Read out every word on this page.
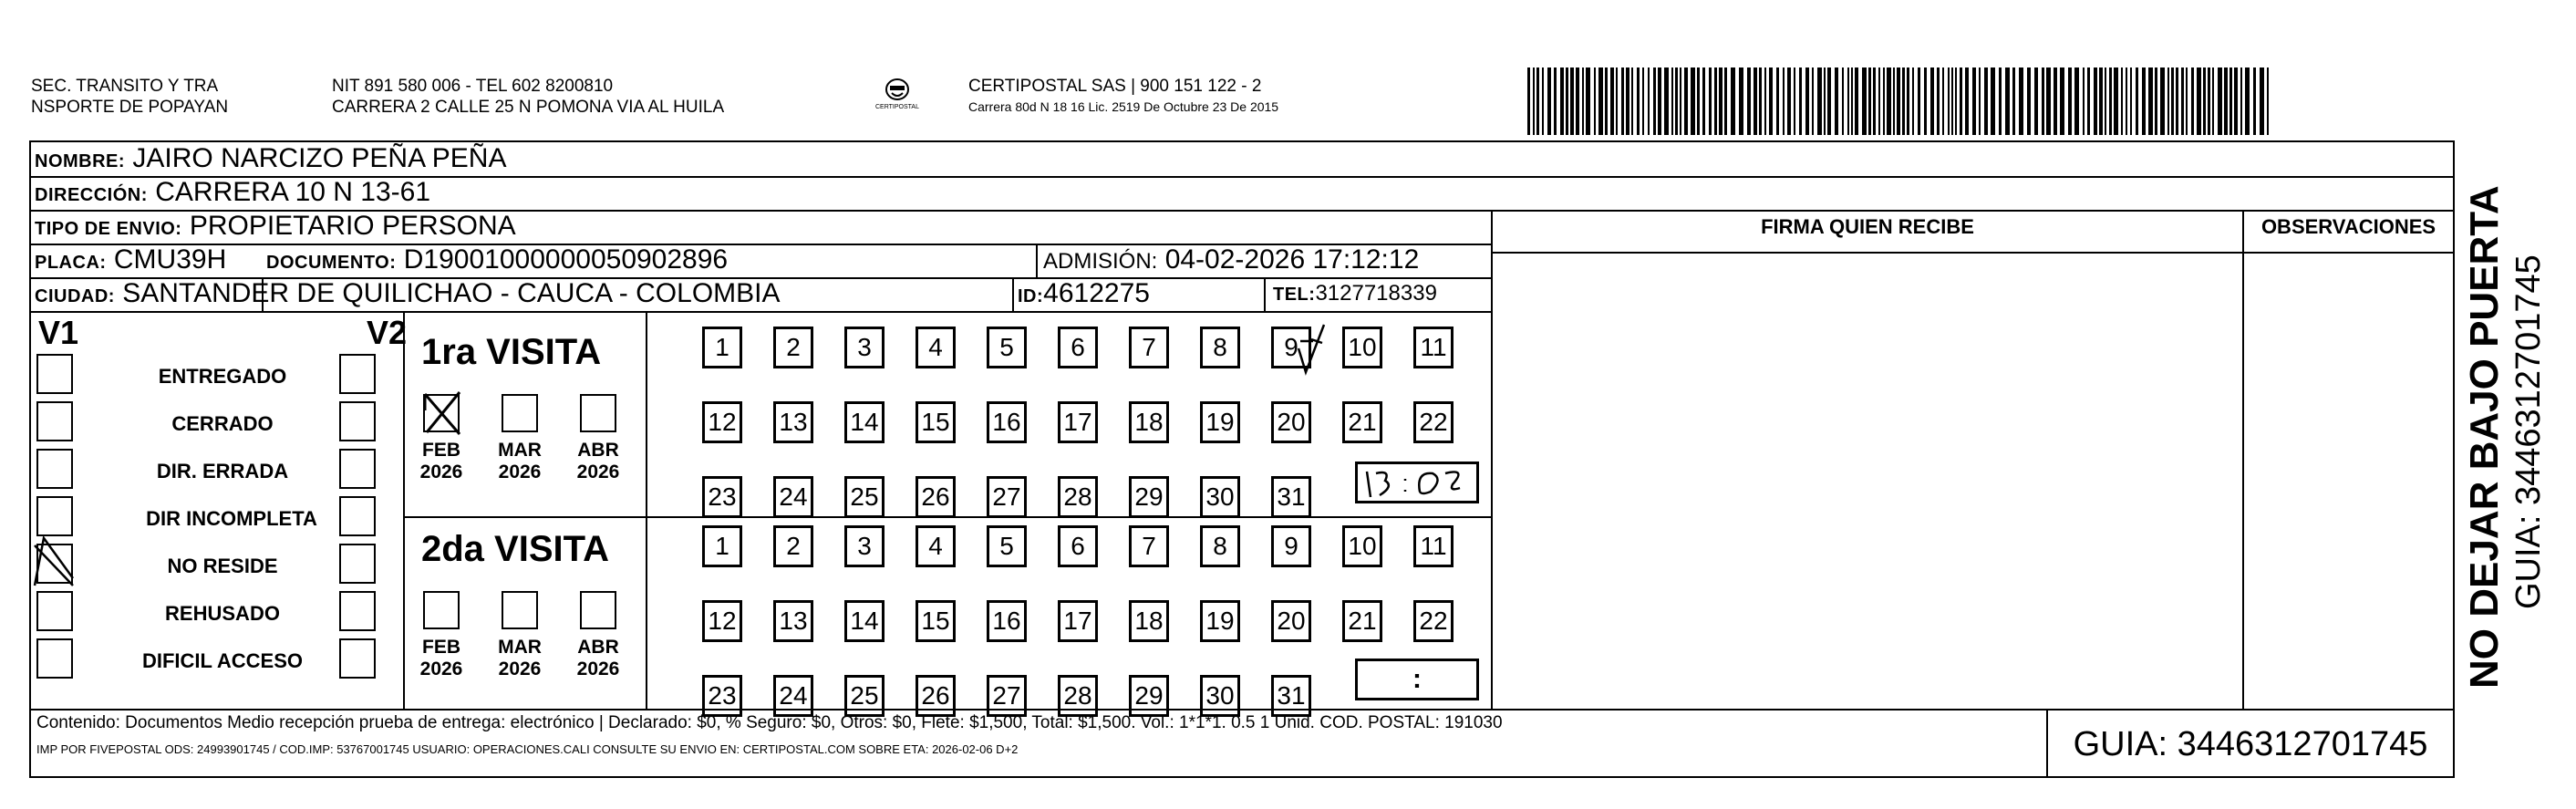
SEC. TRANSITO Y TRA
NSPORTE DE POPAYAN
NIT 891 580 006 - TEL 602 8200810
CARRERA 2 CALLE 25 N POMONA VIA AL HUILA	CERTIPOSTAL
CERTIPOSTAL SAS | 900 151 122 - 2
Carrera 80d N 18 16 Lic. 2519 De Octubre 23 De 2015
NOMBRE: JAIRO NARCIZO PEÑA PEÑA
DIRECCIÓN: CARRERA 10 N 13-61
TIPO DE ENVIO: PROPIETARIO PERSONA
PLACA: CMU39H DOCUMENTO: D19001000000050902896	ADMISIÓN: 04-02-2026 17:12:12
CIUDAD: SANTANDER DE QUILICHAO - CAUCA - COLOMBIA	ID:4612275	TEL:3127718339
FIRMA QUIEN RECIBE	OBSERVACIONES
V1	V2
ENTREGADO
CERRADO
DIR. ERRADA
DIR INCOMPLETA
NO RESIDE
REHUSADO
DIFICIL ACCESO
1ra VISITA
FEB
2026
MAR
2026
ABR
2026
2da VISITA
FEB
2026
MAR
2026
ABR
2026
1	2	3	4	5	6	7	8	9	10 11
12 13 14 15 16 17 18 19 20 21 22
23 24 25 26 27 28 29 30 31
1	2	3	4	5	6	7	8	9	10 11
12 13 14 15 16 17 18 19 20 21 22
23 24 25 26 27 28 29 30 31
:
Contenido: Documentos Medio recepción prueba de entrega: electrónico | Declarado: $0, % Seguro: $0, Otros: $0, Flete: $1,500, Total: $1,500. Vol.: 1*1*1. 0.5 1 Unid. COD. POSTAL: 191030
IMP POR FIVEPOSTAL ODS: 24993901745 / COD.IMP: 53767001745 USUARIO: OPERACIONES.CALI CONSULTE SU ENVIO EN: CERTIPOSTAL.COM SOBRE ETA: 2026-02-06 D+2	GUIA: 3446312701745
NO DEJAR BAJO PUERTA GUIA: 3446312701745
